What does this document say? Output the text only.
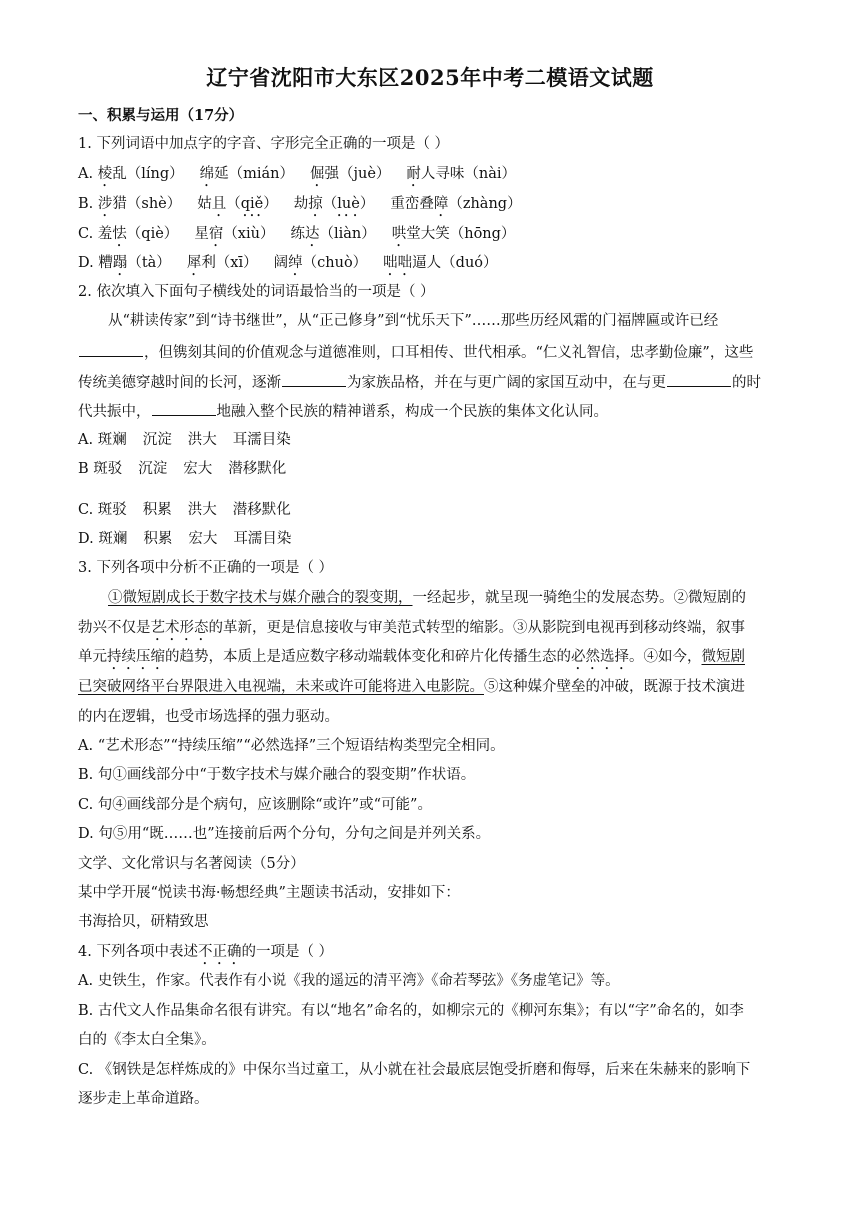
辽宁省沈阳市大东区2025年中考二模语文试题
一、积累与运用（17分）
1. 下列词语中加点字的字音、字形完全正确的一项是（ ）
A. 棱乱（líng） 绵延（mián） 倔强（juè） 耐人寻味（nài）
B. 涉猎（shè） 姑且（qiě） 劫掠（luè） 重峦叠障（zhàng）
C. 羞怯（qiè） 星宿（xiù） 练达（liàn） 哄堂大笑（hōng）
D. 糟蹋（tà） 犀利（xī） 阔绰（chuò） 咄咄逼人（duó）
2. 依次填入下面句子横线处的词语最恰当的一项是（ ）
从“耕读传家”到“诗书继世”，从“正己修身”到“忧乐天下”……那些历经风霜的门福牌匾或许已经
，但镌刻其间的价值观念与道德准则，口耳相传、世代相承。“仁义礼智信，忠孝勤俭廉”，这些
传统美德穿越时间的长河，逐渐	为家族品格，并在与更广阔的家国互动中，在与更	的时
代共振中，	地融入整个民族的精神谱系，构成一个民族的集体文化认同。
A. 斑斓 沉淀 洪大 耳濡目染
B 斑驳 沉淀 宏大 潜移默化
C. 斑驳 积累 洪大 潜移默化
D. 斑斓 积累 宏大 耳濡目染
3. 下列各项中分析不正确的一项是（ ）
①微短剧成长于数字技术与媒介融合的裂变期，一经起步，就呈现一骑绝尘的发展态势。②微短剧的
勃兴不仅是艺术形态的革新，更是信息接收与审美范式转型的缩影。③从影院到电视再到移动终端，叙事
单元持续压缩的趋势，本质上是适应数字移动端载体变化和碎片化传播生态的必然选择。④如今，微短剧
已突破网络平台界限进入电视端，未来或许可能将进入电影院。⑤这种媒介壁垒的冲破，既源于技术演进
的内在逻辑，也受市场选择的强力驱动。
A. “艺术形态”“持续压缩”“必然选择”三个短语结构类型完全相同。
B. 句①画线部分中“于数字技术与媒介融合的裂变期”作状语。
C. 句④画线部分是个病句，应该删除“或许”或“可能”。
D. 句⑤用“既……也”连接前后两个分句，分句之间是并列关系。
文学、文化常识与名著阅读（5分）
某中学开展“悦读书海·畅想经典”主题读书活动，安排如下：
书海拾贝，研精致思
4. 下列各项中表述不正确的一项是（ ）
A. 史铁生，作家。代表作有小说《我的遥远的清平湾》《命若琴弦》《务虚笔记》等。
B. 古代文人作品集命名很有讲究。有以“地名”命名的，如柳宗元的《柳河东集》；有以“字”命名的，如李
白的《李太白全集》。
C. 《钢铁是怎样炼成的》中保尔当过童工，从小就在社会最底层饱受折磨和侮辱，后来在朱赫来的影响下
逐步走上革命道路。
